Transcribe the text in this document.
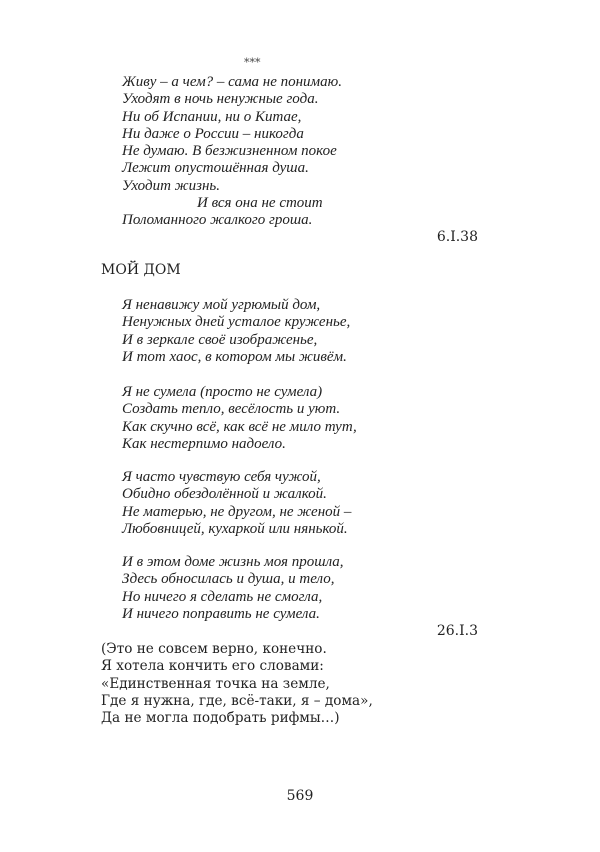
***
Живу – а чем? – сама не понимаю.
Уходят в ночь ненужные года.
Ни об Испании, ни о Китае,
Ни даже о России – никогда
Не думаю. В безжизненном покое
Лежит опустошённая душа.
Уходит жизнь.
И вся она не стоит
Поломанного жалкого гроша.
6.I.38
МОЙ ДОМ
Я ненавижу мой угрюмый дом,
Ненужных дней усталое круженье,
И в зеркале своё изображенье,
И тот хаос, в котором мы живём.
Я не сумела (просто не сумела)
Создать тепло, весёлость и уют.
Как скучно всё, как всё не мило тут,
Как нестерпимо надоело.
Я часто чувствую себя чужой,
Обидно обездолённой и жалкой.
Не матерью, не другом, не женой –
Любовницей, кухаркой или нянькой.
И в этом доме жизнь моя прошла,
Здесь обносилась и душа, и тело,
Но ничего я сделать не смогла,
И ничего поправить не сумела.
26.I.3
(Это не совсем верно, конечно.
Я хотела кончить его словами:
«Единственная точка на земле,
Где я нужна, где, всё-таки, я – дома»,
Да не могла подобрать рифмы…)
569
